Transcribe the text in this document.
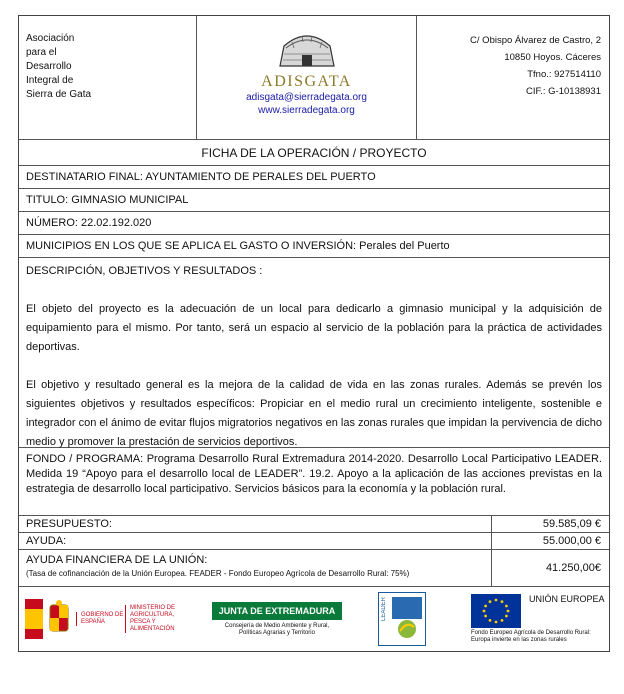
Asociación
para el
Desarrollo
Integral de
Sierra de Gata
ADISGATA
adisgata@sierradegata.org
www.sierradegata.org
C/ Obispo Álvarez de Castro, 2
10850 Hoyos. Cáceres
Tfno.: 927514110
CIF.: G-10138931
FICHA DE LA OPERACIÓN / PROYECTO
DESTINATARIO FINAL: AYUNTAMIENTO DE PERALES DEL PUERTO
TITULO: GIMNASIO MUNICIPAL
NÚMERO: 22.02.192.020
MUNICIPIOS EN LOS QUE SE APLICA EL GASTO O INVERSIÓN: Perales del Puerto
DESCRIPCIÓN, OBJETIVOS Y RESULTADOS :

El objeto del proyecto es la adecuación de un local para dedicarlo a gimnasio municipal y la adquisición de equipamiento para el mismo. Por tanto, será un espacio al servicio de la población para la práctica de actividades deportivas.

El objetivo y resultado general es la mejora de la calidad de vida en las zonas rurales. Además se prevén los siguientes objetivos y resultados específicos: Propiciar en el medio rural un crecimiento inteligente, sostenible e integrador con el ánimo de evitar flujos migratorios negativos en las zonas rurales que impidan la pervivencia de dicho medio y promover la prestación de servicios deportivos.

FONDO / PROGRAMA: Programa Desarrollo Rural Extremadura 2014-2020. Desarrollo Local Participativo LEADER. Medida 19 “Apoyo para el desarrollo local de LEADER”. 19.2. Apoyo a la aplicación de las acciones previstas en la estrategia de desarrollo local participativo. Servicios básicos para la economía y la población rural.
PRESUPUESTO:	59.585,09 €
AYUDA:	55.000,00 €
AYUDA FINANCIERA DE LA UNIÓN:
(Tasa de cofinanciación de la Unión Europea. FEADER - Fondo Europeo Agrícola de Desarrollo Rural: 75%)	41.250,00€
GOBIERNO DE ESPAÑA
MINISTERIO DE AGRICULTURA, PESCA Y ALIMENTACIÓN
JUNTA DE EXTREMADURA
Consejería de Medio Ambiente y Rural, Políticas Agrarias y Territorio
LEADER	UNIÓN EUROPEA
Fondo Europeo Agrícola de Desarrollo Rural: Europa invierte en las zonas rurales
